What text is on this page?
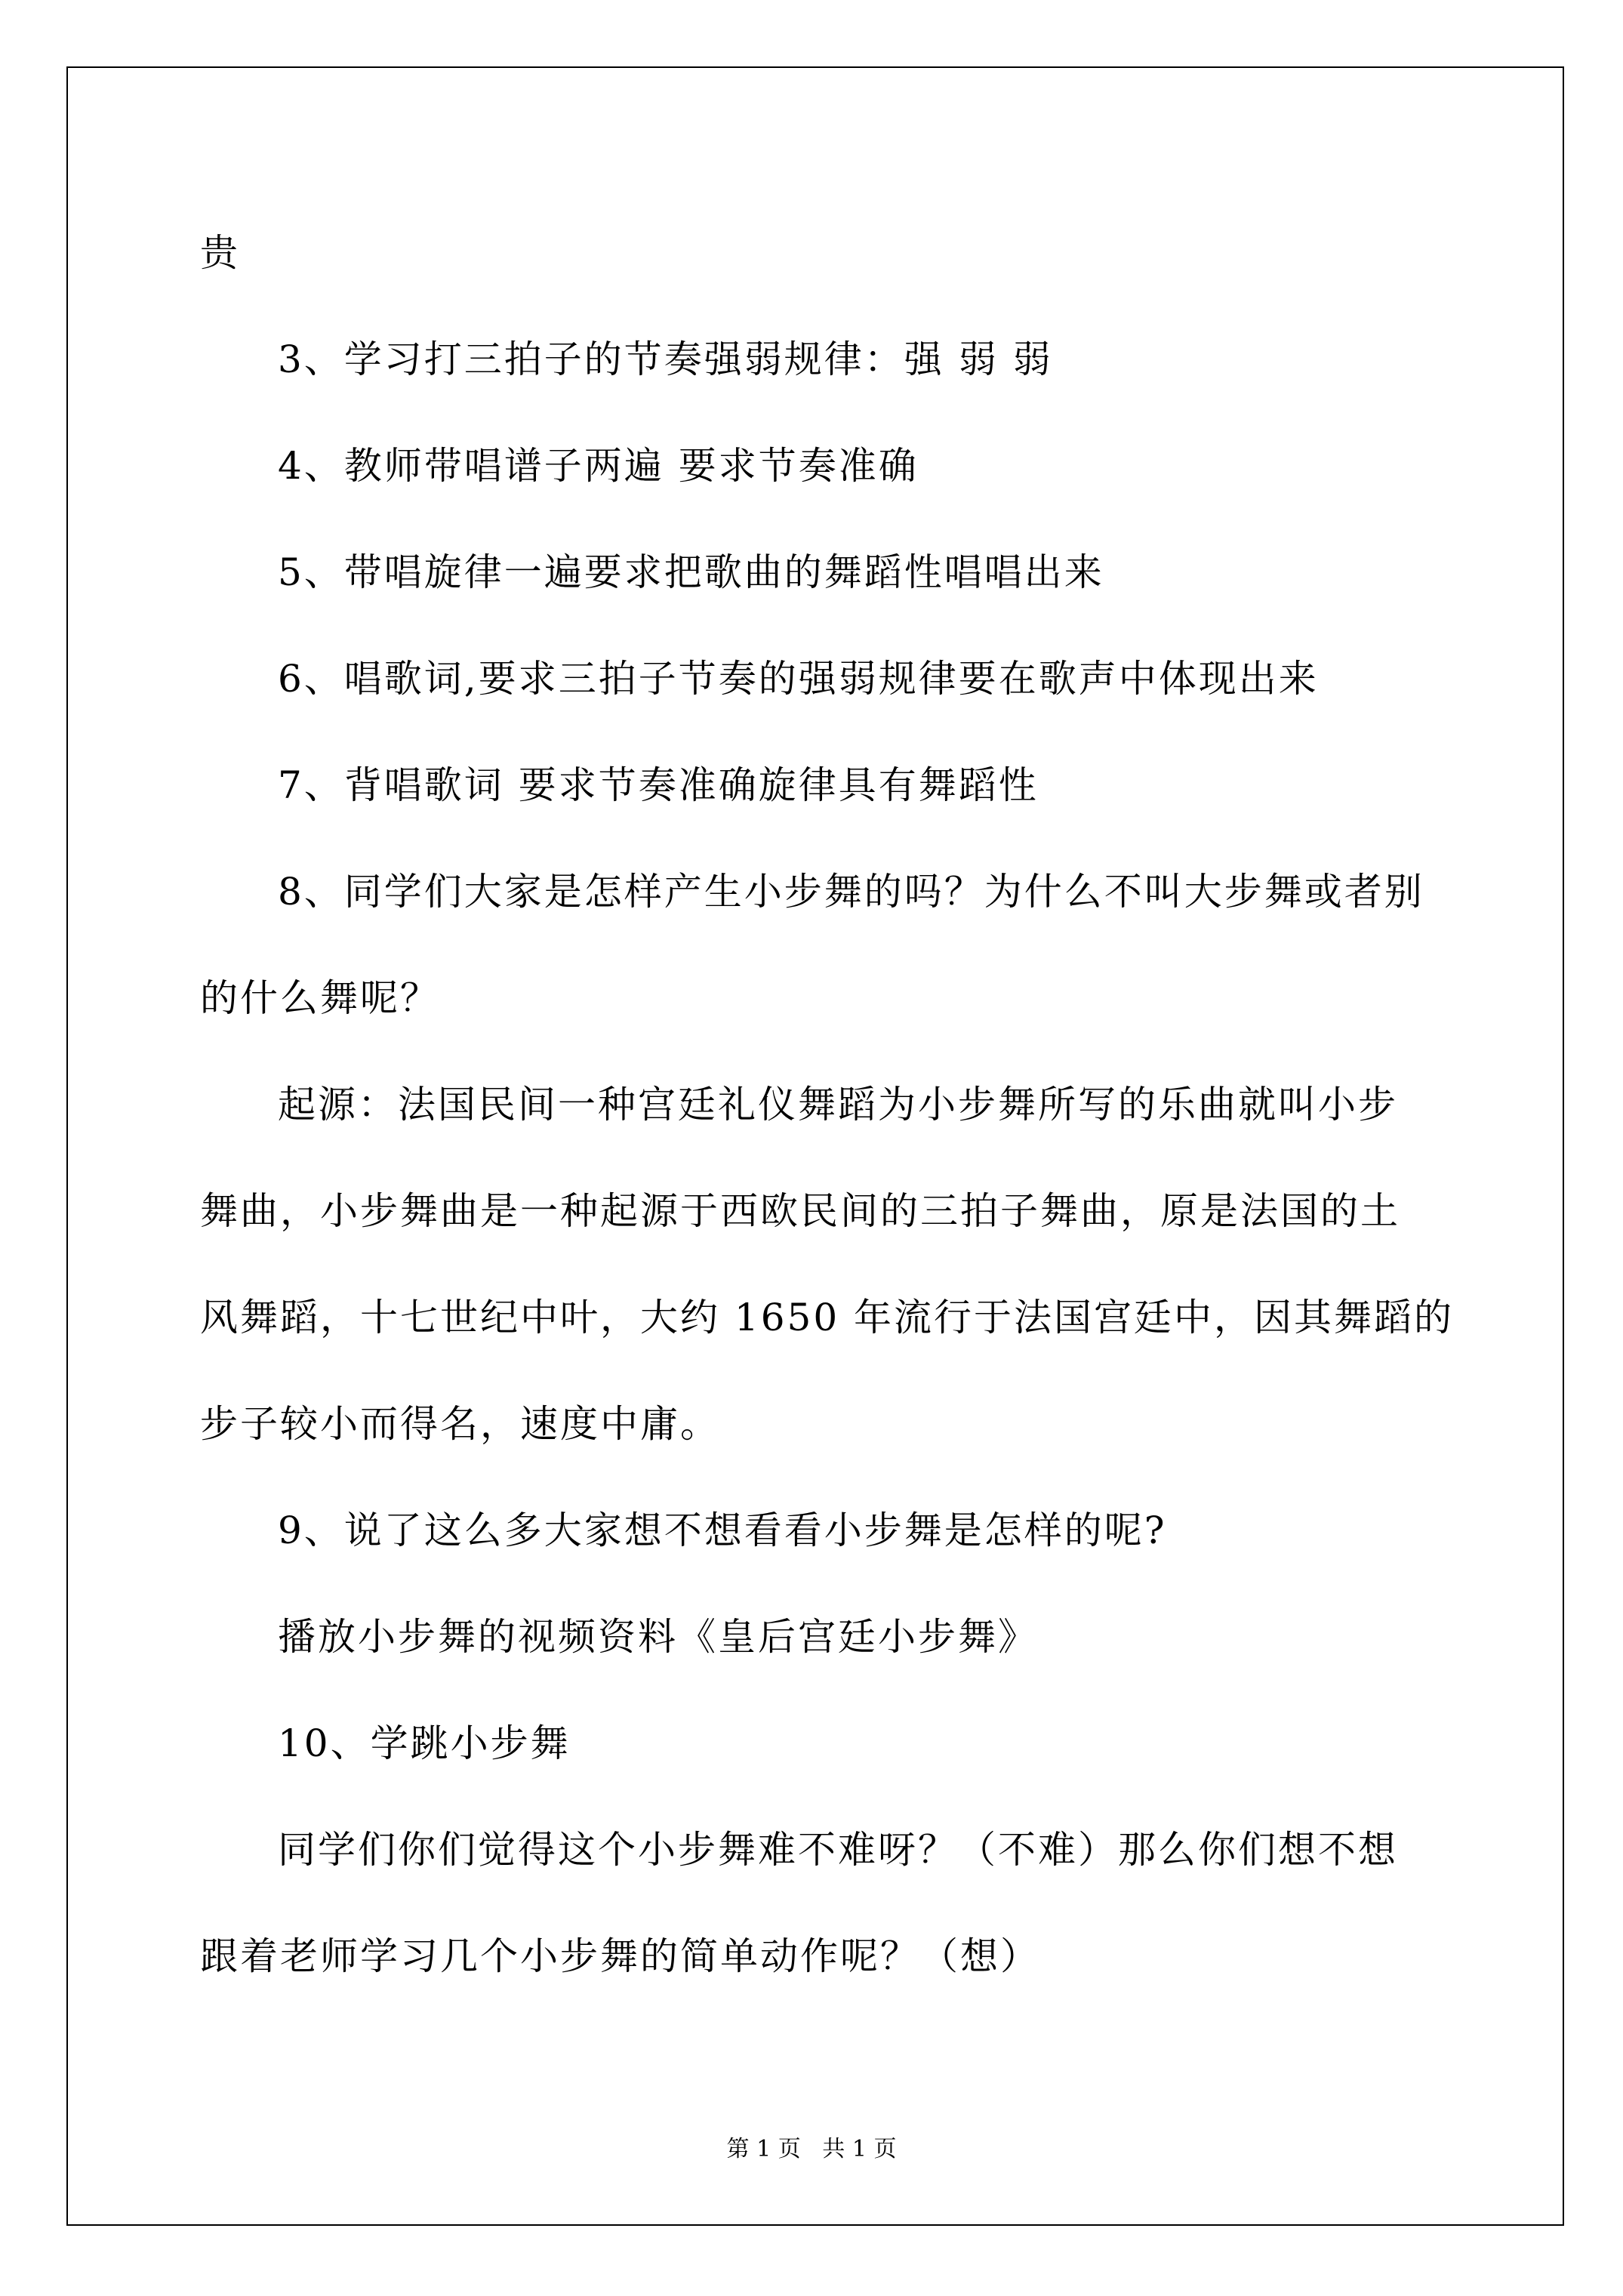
贵
3、学习打三拍子的节奏强弱规律：强 弱 弱
4、教师带唱谱子两遍 要求节奏准确
5、带唱旋律一遍要求把歌曲的舞蹈性唱唱出来
6、唱歌词,要求三拍子节奏的强弱规律要在歌声中体现出来
7、背唱歌词 要求节奏准确旋律具有舞蹈性
8、同学们大家是怎样产生小步舞的吗？为什么不叫大步舞或者别
的什么舞呢？
起源：法国民间一种宫廷礼仪舞蹈为小步舞所写的乐曲就叫小步
舞曲，小步舞曲是一种起源于西欧民间的三拍子舞曲，原是法国的土
风舞蹈，十七世纪中叶，大约 1650 年流行于法国宫廷中，因其舞蹈的
步子较小而得名，速度中庸。
9、说了这么多大家想不想看看小步舞是怎样的呢?
播放小步舞的视频资料《皇后宫廷小步舞》
10、学跳小步舞
同学们你们觉得这个小步舞难不难呀？（不难）那么你们想不想
跟着老师学习几个小步舞的简单动作呢？（想）
第 1 页   共 1 页
